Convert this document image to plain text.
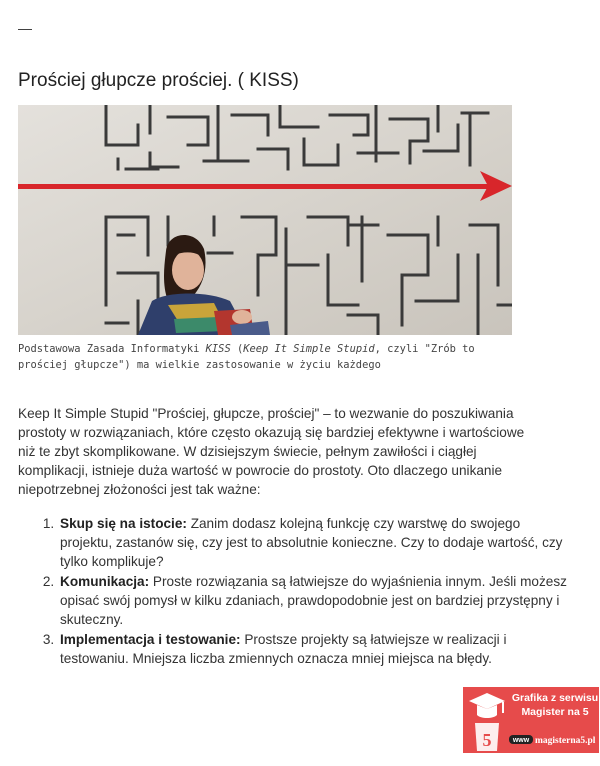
—
Prościej głupcze prościej. ( KISS)
Podstawowa Zasada Informatyki KISS (Keep It Simple Stupid, czyli "Zrób to prościej głupcze") ma wielkie zastosowanie w życiu każdego

Keep It Simple Stupid "Prościej, głupcze, prościej" – to wezwanie do poszukiwania prostoty w rozwiązaniach, które często okazują się bardziej efektywne i wartościowe niż te zbyt skomplikowane. W dzisiejszym świecie, pełnym zawiłości i ciągłej komplikacji, istnieje duża wartość w powrocie do prostoty. Oto dlaczego unikanie niepotrzebnej złożoności jest tak ważne:

1. Skup się na istocie: Zanim dodasz kolejną funkcję czy warstwę do swojego projektu, zastanów się, czy jest to absolutnie konieczne. Czy to dodaje wartość, czy tylko komplikuje?
2. Komunikacja: Proste rozwiązania są łatwiejsze do wyjaśnienia innym. Jeśli możesz opisać swój pomysł w kilku zdaniach, prawdopodobnie jest on bardziej przystępny i skuteczny.
3. Implementacja i testowanie: Prostsze projekty są łatwiejsze w realizacji i testowaniu. Mniejsza liczba zmiennych oznacza mniej miejsca na błędy.
5
Grafika z serwisu
Magister na 5
www magisterna5.pl
